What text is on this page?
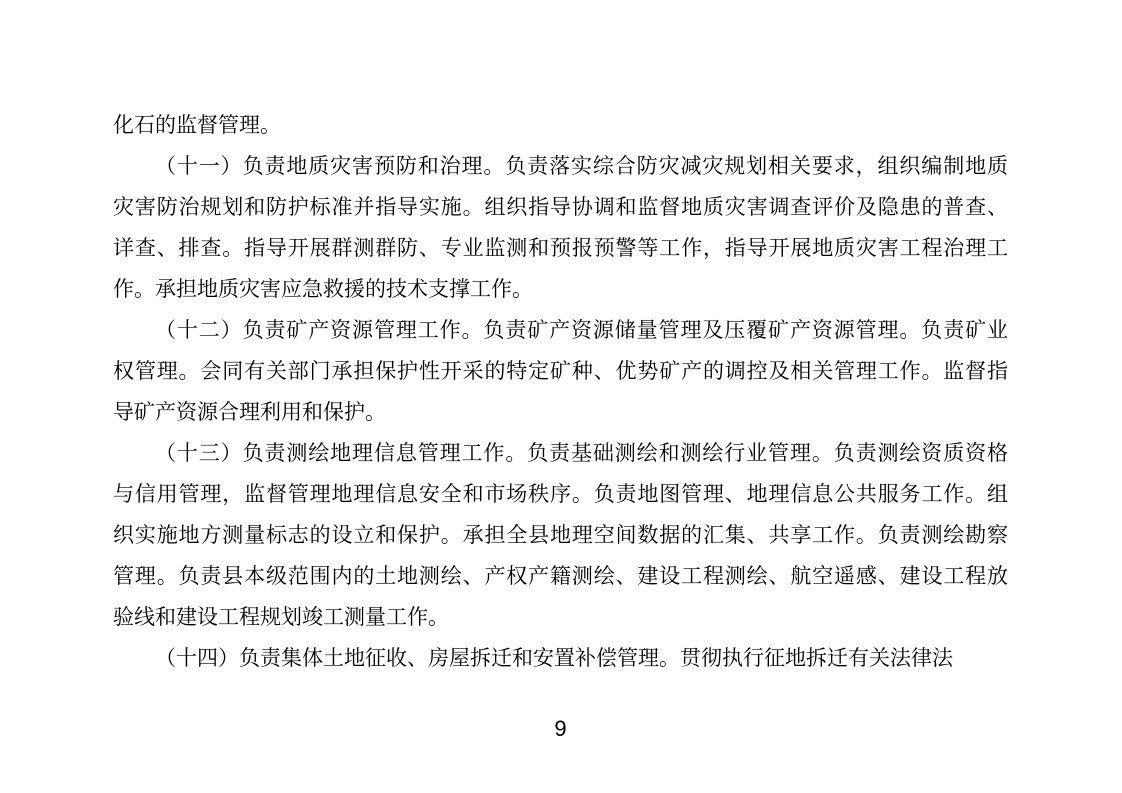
化石的监督管理。

（十一）负责地质灾害预防和治理。负责落实综合防灾减灾规划相关要求，组织编制地质

灾害防治规划和防护标准并指导实施。组织指导协调和监督地质灾害调查评价及隐患的普查、

详查、排查。指导开展群测群防、专业监测和预报预警等工作，指导开展地质灾害工程治理工

作。承担地质灾害应急救援的技术支撑工作。

（十二）负责矿产资源管理工作。负责矿产资源储量管理及压覆矿产资源管理。负责矿业

权管理。会同有关部门承担保护性开采的特定矿种、优势矿产的调控及相关管理工作。监督指

导矿产资源合理利用和保护。

（十三）负责测绘地理信息管理工作。负责基础测绘和测绘行业管理。负责测绘资质资格

与信用管理，监督管理地理信息安全和市场秩序。负责地图管理、地理信息公共服务工作。组

织实施地方测量标志的设立和保护。承担全县地理空间数据的汇集、共享工作。负责测绘勘察

管理。负责县本级范围内的土地测绘、产权产籍测绘、建设工程测绘、航空遥感、建设工程放

验线和建设工程规划竣工测量工作。

（十四）负责集体土地征收、房屋拆迁和安置补偿管理。贯彻执行征地拆迁有关法律法

9
